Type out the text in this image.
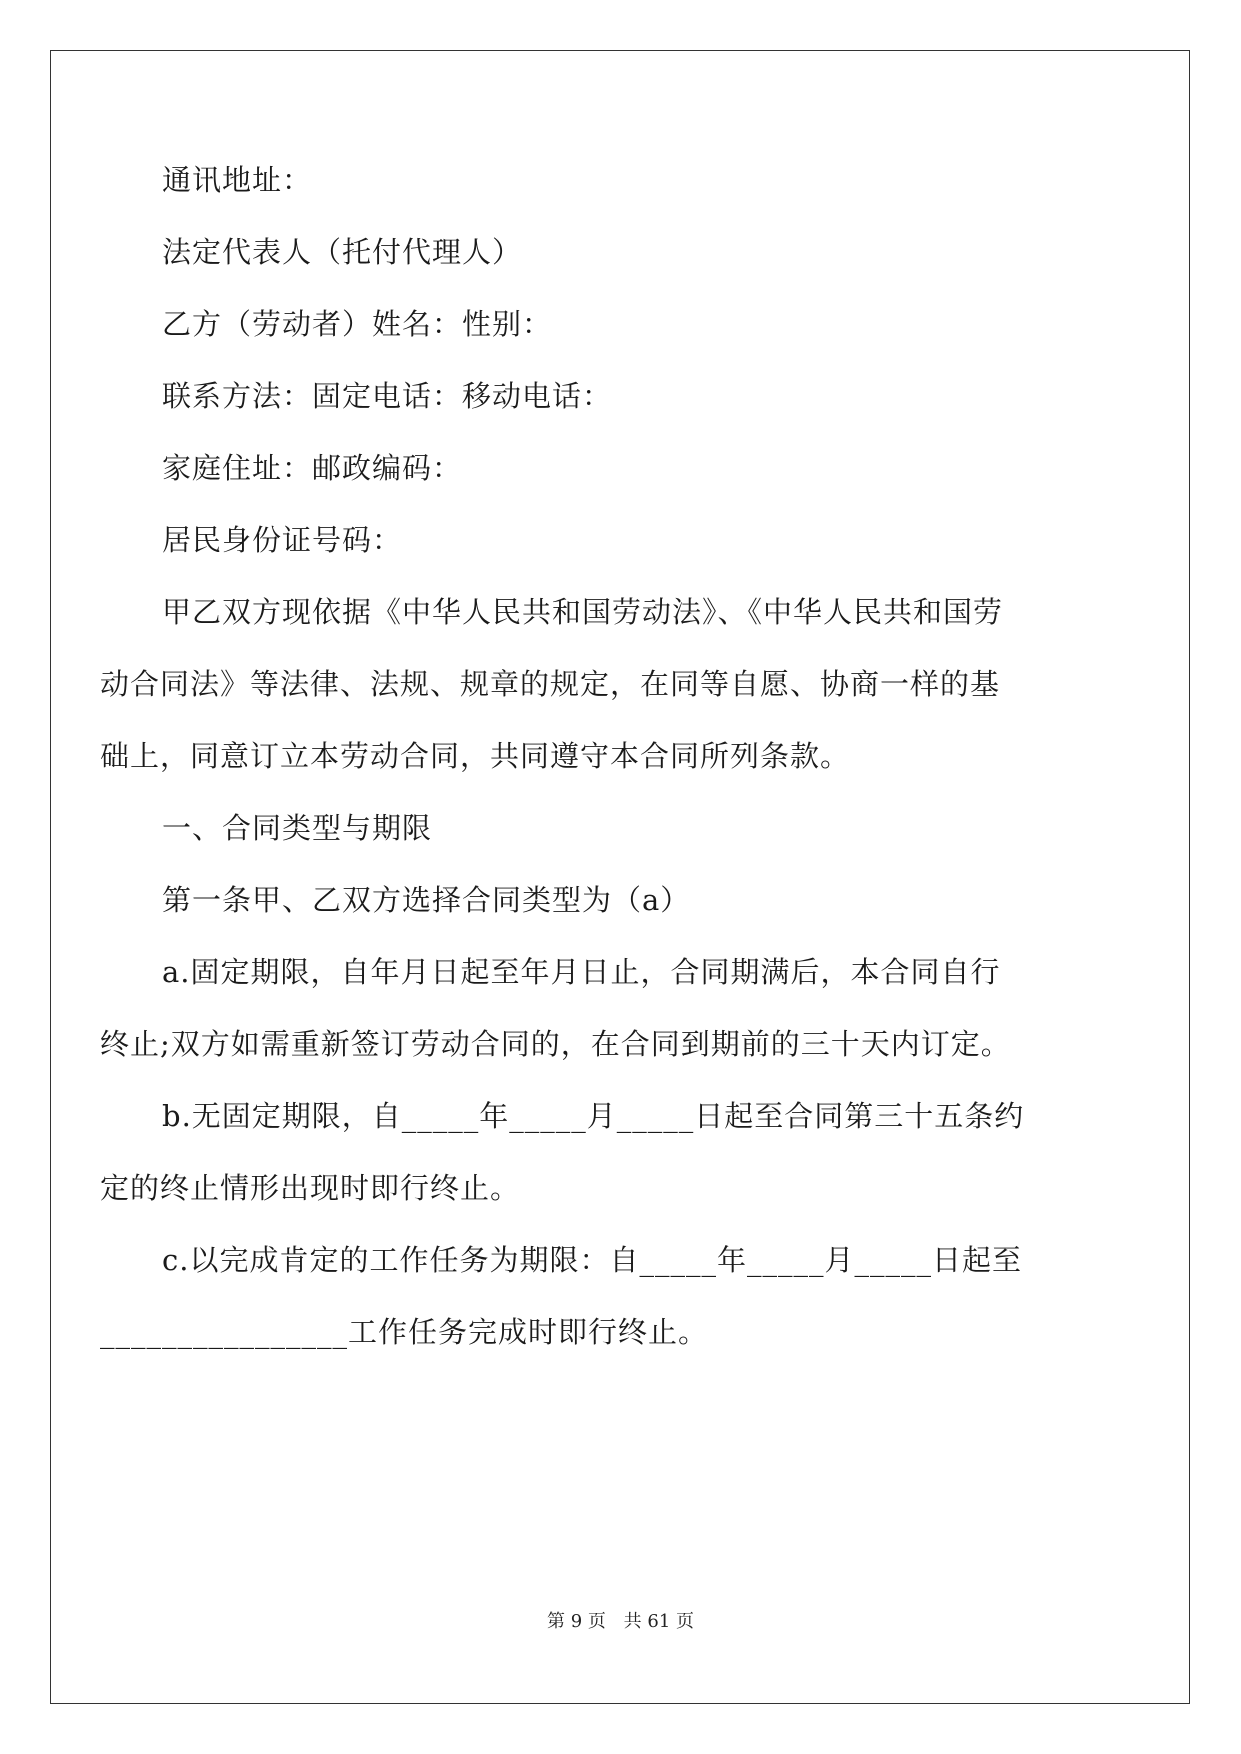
通讯地址：
法定代表人（托付代理人）
乙方（劳动者）姓名：性别：
联系方法：固定电话：移动电话：
家庭住址：邮政编码：
居民身份证号码：
甲乙双方现依据《中华人民共和国劳动法》、《中华人民共和国劳
动合同法》等法律、法规、规章的规定，在同等自愿、协商一样的基
础上，同意订立本劳动合同，共同遵守本合同所列条款。
一、合同类型与期限
第一条甲、乙双方选择合同类型为（a）
a.固定期限，自年月日起至年月日止，合同期满后，本合同自行
终止;双方如需重新签订劳动合同的，在合同到期前的三十天内订定。
b.无固定期限，自_____年_____月_____日起至合同第三十五条约
定的终止情形出现时即行终止。
c.以完成肯定的工作任务为期限：自_____年_____月_____日起至
________________工作任务完成时即行终止。
第 9 页 共 61 页
